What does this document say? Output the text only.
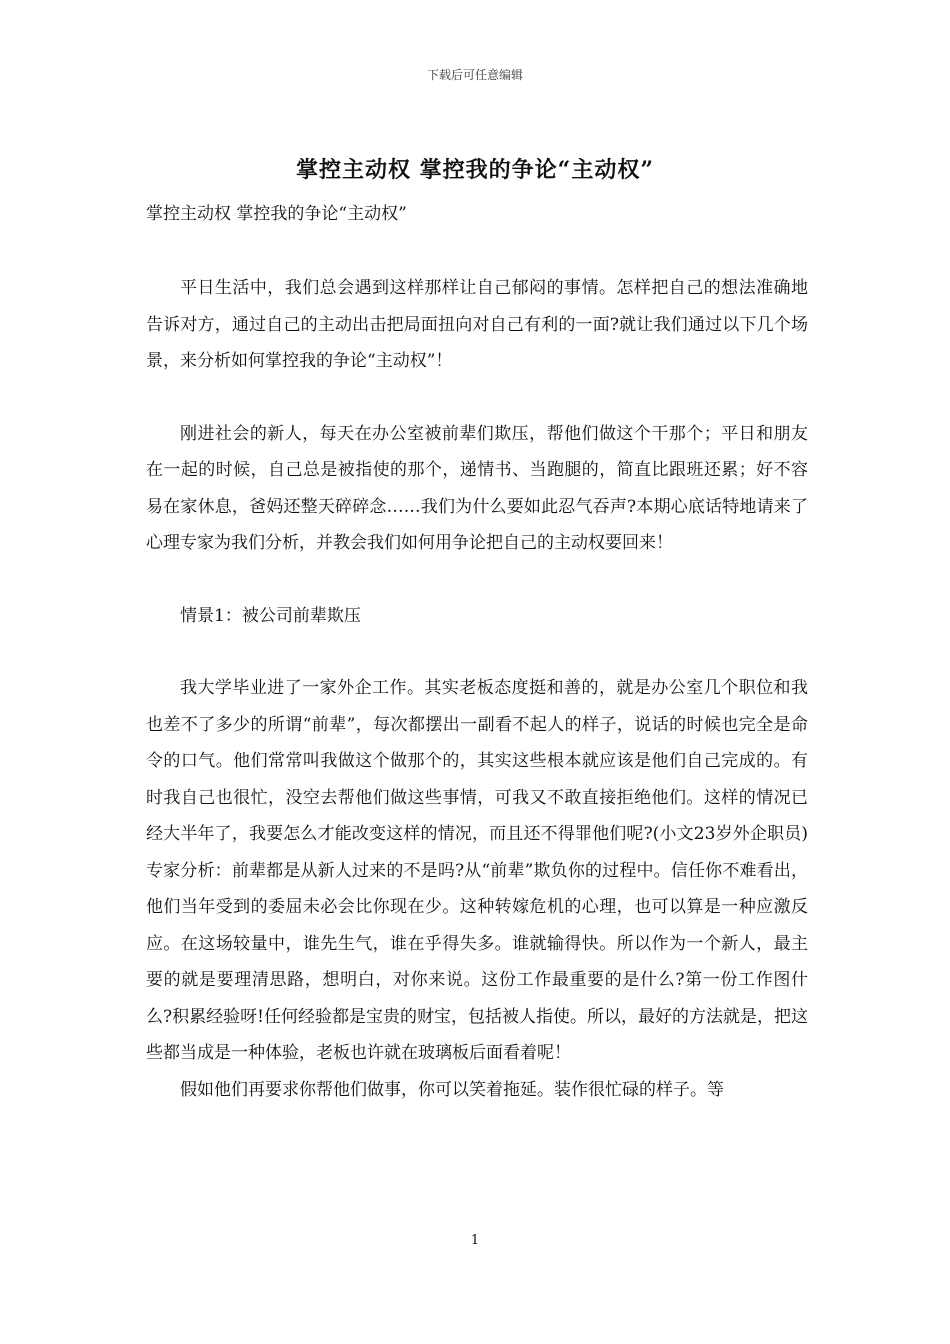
下载后可任意编辑
掌控主动权 掌控我的争论“主动权”

掌控主动权 掌控我的争论“主动权”

平日生活中，我们总会遇到这样那样让自己郁闷的事情。怎样把自己的想法准确地告诉对方，通过自己的主动出击把局面扭向对自己有利的一面?就让我们通过以下几个场景，来分析如何掌控我的争论“主动权”！

刚进社会的新人，每天在办公室被前辈们欺压，帮他们做这个干那个；平日和朋友在一起的时候，自己总是被指使的那个，递情书、当跑腿的，简直比跟班还累；好不容易在家休息，爸妈还整天碎碎念……我们为什么要如此忍气吞声?本期心底话特地请来了心理专家为我们分析，并教会我们如何用争论把自己的主动权要回来！

情景1：被公司前辈欺压

我大学毕业进了一家外企工作。其实老板态度挺和善的，就是办公室几个职位和我也差不了多少的所谓“前辈”，每次都摆出一副看不起人的样子，说话的时候也完全是命令的口气。他们常常叫我做这个做那个的，其实这些根本就应该是他们自己完成的。有时我自己也很忙，没空去帮他们做这些事情，可我又不敢直接拒绝他们。这样的情况已经大半年了，我要怎么才能改变这样的情况，而且还不得罪他们呢?(小文23岁外企职员)专家分析：前辈都是从新人过来的不是吗?从“前辈”欺负你的过程中。信任你不难看出，他们当年受到的委屈未必会比你现在少。这种转嫁危机的心理，也可以算是一种应激反应。在这场较量中，谁先生气，谁在乎得失多。谁就输得快。所以作为一个新人，最主要的就是要理清思路，想明白，对你来说。这份工作最重要的是什么?第一份工作图什么?积累经验呀!任何经验都是宝贵的财宝，包括被人指使。所以，最好的方法就是，把这些都当成是一种体验，老板也许就在玻璃板后面看着呢！

假如他们再要求你帮他们做事，你可以笑着拖延。装作很忙碌的样子。等

1
